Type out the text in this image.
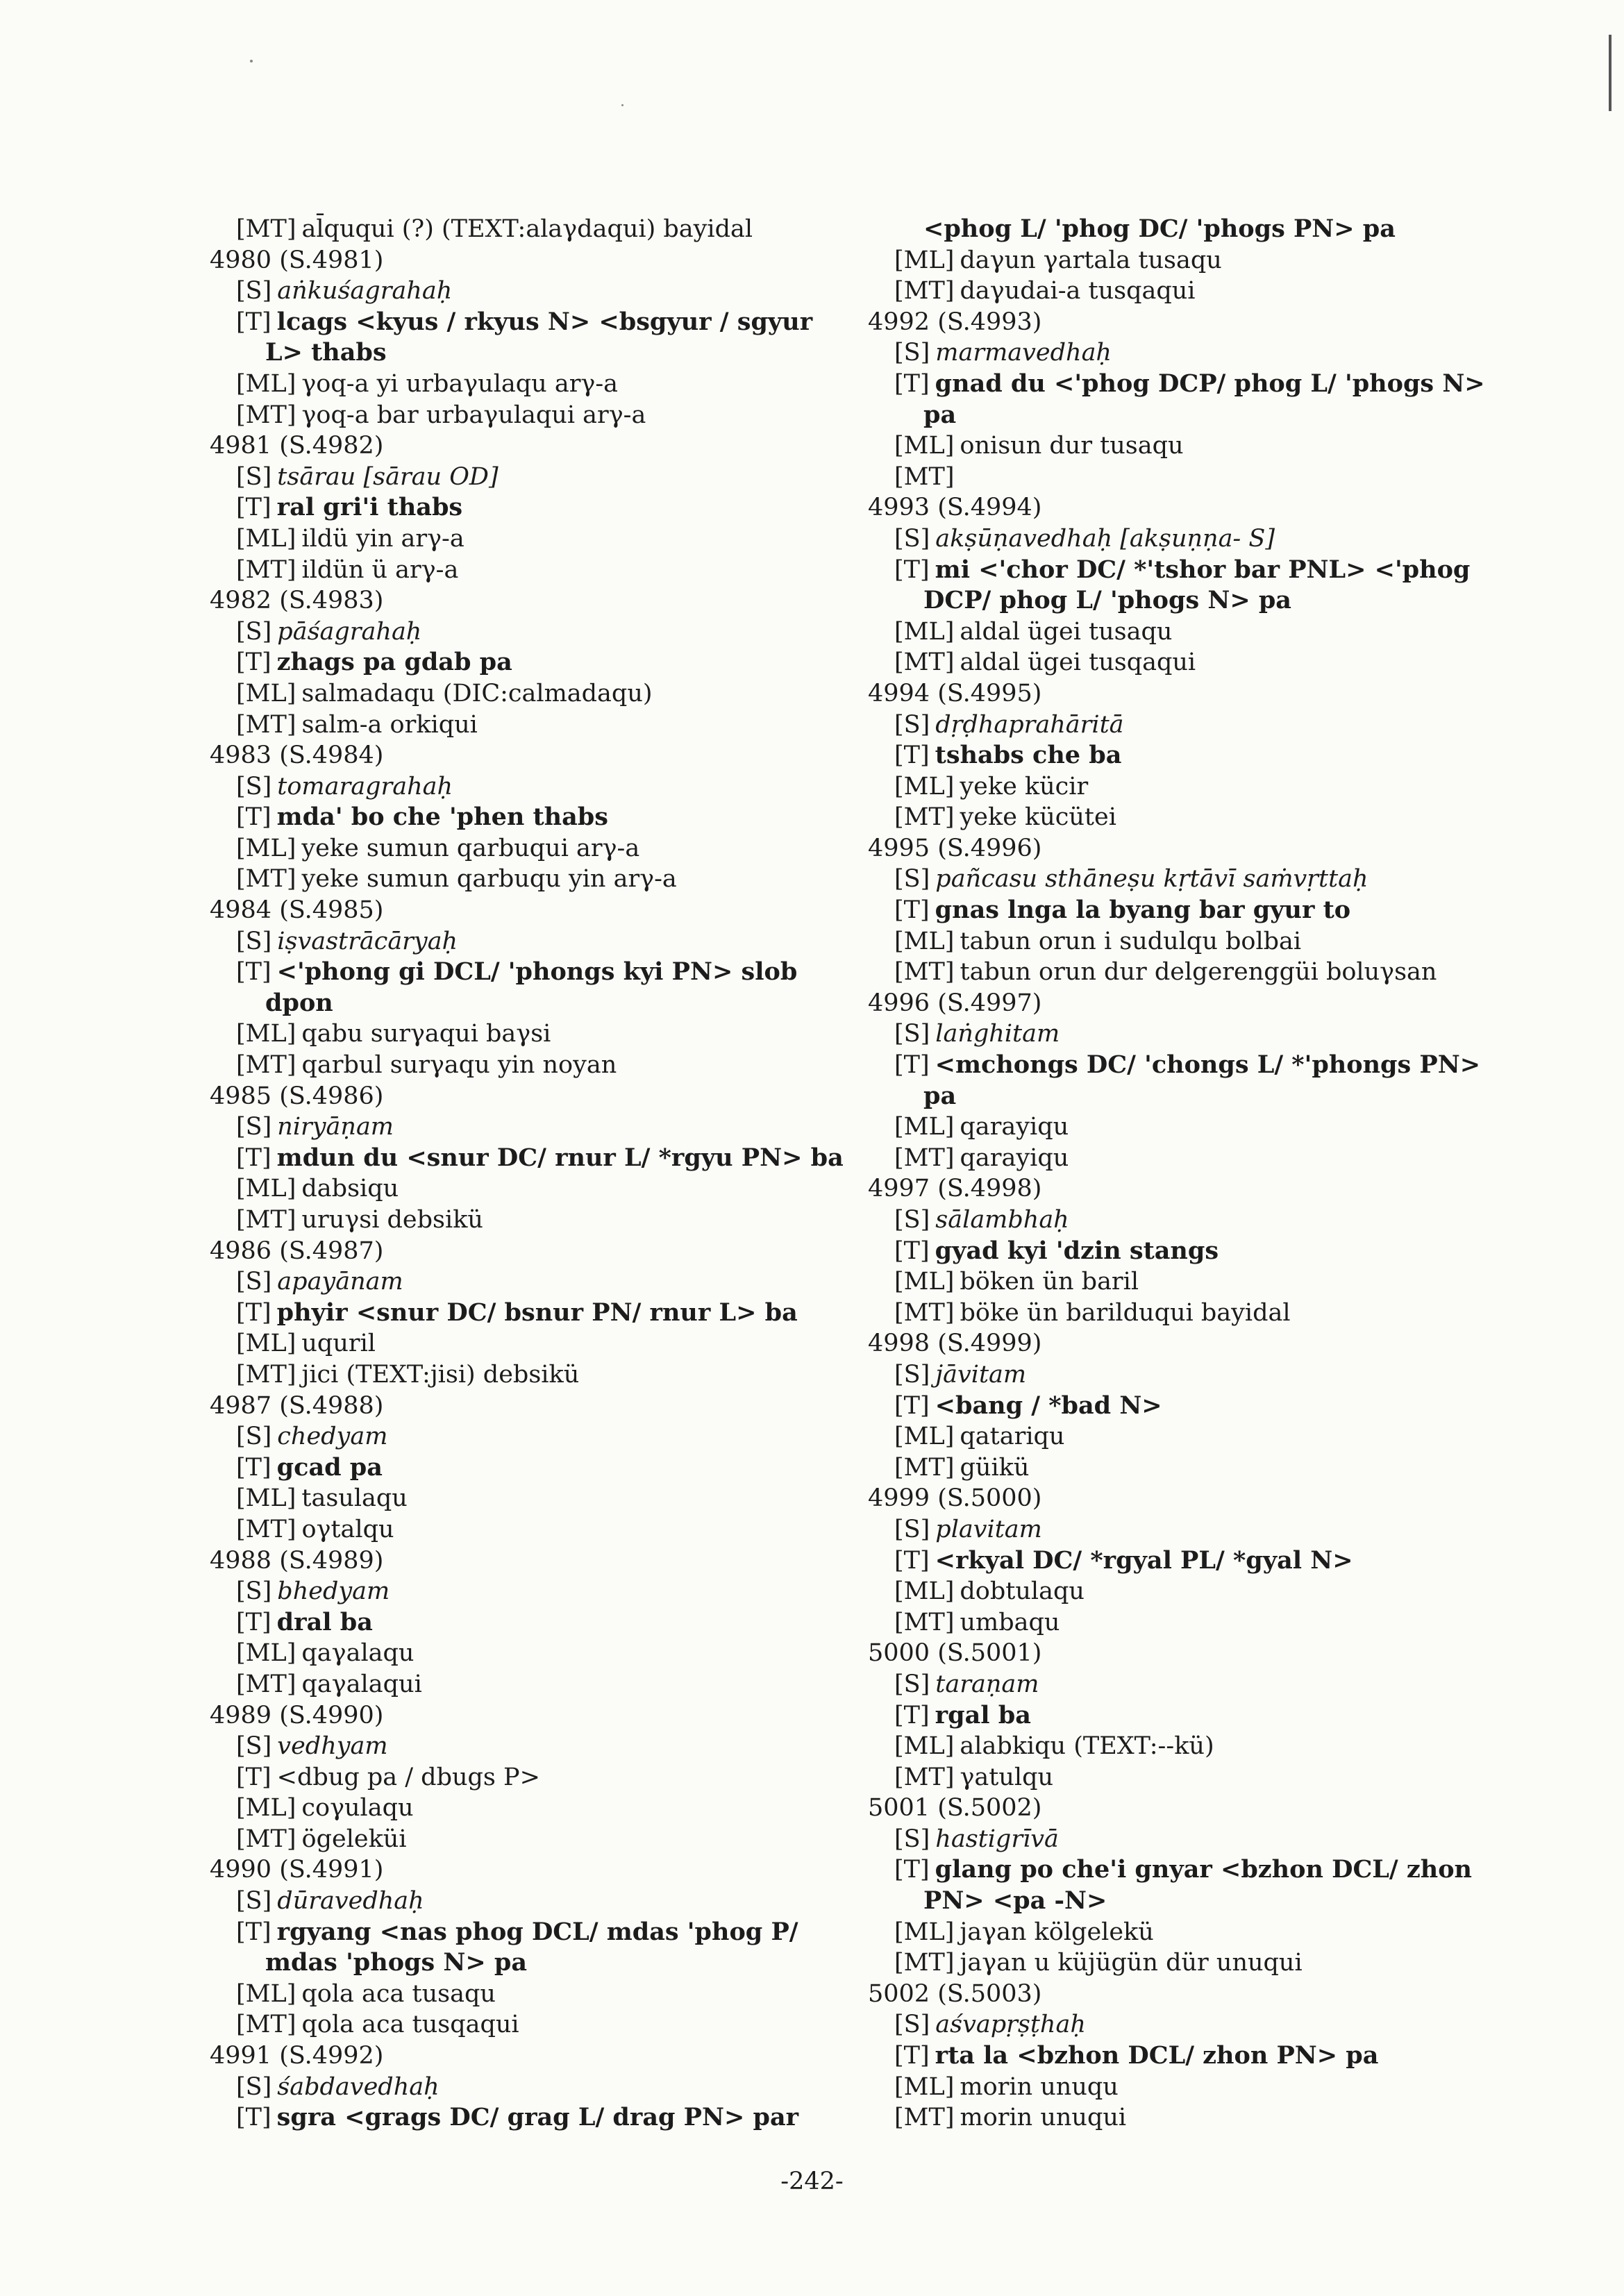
[MT] al̄ququi (?) (TEXT:alaγdaqui) bayidal
4980 (S.4981)
[S] aṅkuśagrahaḥ
[T] lcags <kyus / rkyus N> <bsgyur / sgyur
L> thabs
[ML] γoq-a yi urbaγulaqu arγ-a
[MT] γoq-a bar urbaγulaqui arγ-a
4981 (S.4982)
[S] tsārau [sārau OD]
[T] ral gri'i thabs
[ML] ildü yin arγ-a
[MT] ildün ü arγ-a
4982 (S.4983)
[S] pāśagrahaḥ
[T] zhags pa gdab pa
[ML] salmadaqu (DIC:calmadaqu)
[MT] salm-a orkiqui
4983 (S.4984)
[S] tomaragrahaḥ
[T] mda' bo che 'phen thabs
[ML] yeke sumun qarbuqui arγ-a
[MT] yeke sumun qarbuqu yin arγ-a
4984 (S.4985)
[S] iṣvastrācāryaḥ
[T] <'phong gi DCL/ 'phongs kyi PN> slob
dpon
[ML] qabu surγaqui baγsi
[MT] qarbul surγaqu yin noyan
4985 (S.4986)
[S] niryāṇam
[T] mdun du <snur DC/ rnur L/ *rgyu PN> ba
[ML] dabsiqu
[MT] uruγsi debsikü
4986 (S.4987)
[S] apayānam
[T] phyir <snur DC/ bsnur PN/ rnur L> ba
[ML] uquril
[MT] jici (TEXT:jisi) debsikü
4987 (S.4988)
[S] chedyam
[T] gcad pa
[ML] tasulaqu
[MT] oγtalqu
4988 (S.4989)
[S] bhedyam
[T] dral ba
[ML] qaγalaqu
[MT] qaγalaqui
4989 (S.4990)
[S] vedhyam
[T] <dbug pa / dbugs P>
[ML] coγulaqu
[MT] ögeleküi
4990 (S.4991)
[S] dūravedhaḥ
[T] rgyang <nas phog DCL/ mdas 'phog P/
mdas 'phogs N> pa
[ML] qola aca tusaqu
[MT] qola aca tusqaqui
4991 (S.4992)
[S] śabdavedhaḥ
[T] sgra <grags DC/ grag L/ drag PN> par
<phog L/ 'phog DC/ 'phogs PN> pa
[ML] daγun γartala tusaqu
[MT] daγudai-a tusqaqui
4992 (S.4993)
[S] marmavedhaḥ
[T] gnad du <'phog DCP/ phog L/ 'phogs N>
pa
[ML] onisun dur tusaqu
[MT]
4993 (S.4994)
[S] akṣūṇavedhaḥ [akṣuṇṇa- S]
[T] mi <'chor DC/ *'tshor bar PNL> <'phog
DCP/ phog L/ 'phogs N> pa
[ML] aldal ügei tusaqu
[MT] aldal ügei tusqaqui
4994 (S.4995)
[S] dṛḍhaprahāritā
[T] tshabs che ba
[ML] yeke kücir
[MT] yeke kücütei
4995 (S.4996)
[S] pañcasu sthāneṣu kṛtāvī saṁvṛttaḥ
[T] gnas lnga la byang bar gyur to
[ML] tabun orun i sudulqu bolbai
[MT] tabun orun dur delgerenggüi boluγsan
4996 (S.4997)
[S] laṅghitam
[T] <mchongs DC/ 'chongs L/ *'phongs PN>
pa
[ML] qarayiqu
[MT] qarayiqu
4997 (S.4998)
[S] sālambhaḥ
[T] gyad kyi 'dzin stangs
[ML] böken ün baril
[MT] böke ün barilduqui bayidal
4998 (S.4999)
[S] jāvitam
[T] <bang / *bad N>
[ML] qatariqu
[MT] güikü
4999 (S.5000)
[S] plavitam
[T] <rkyal DC/ *rgyal PL/ *gyal N>
[ML] dobtulaqu
[MT] umbaqu
5000 (S.5001)
[S] taraṇam
[T] rgal ba
[ML] alabkiqu (TEXT:--kü)
[MT] γatulqu
5001 (S.5002)
[S] hastigrīvā
[T] glang po che'i gnyar <bzhon DCL/ zhon
PN> <pa -N>
[ML] jaγan kölgelekü
[MT] jaγan u küjügün dür unuqui
5002 (S.5003)
[S] aśvapṛṣṭhaḥ
[T] rta la <bzhon DCL/ zhon PN> pa
[ML] morin unuqu
[MT] morin unuqui
-242-
